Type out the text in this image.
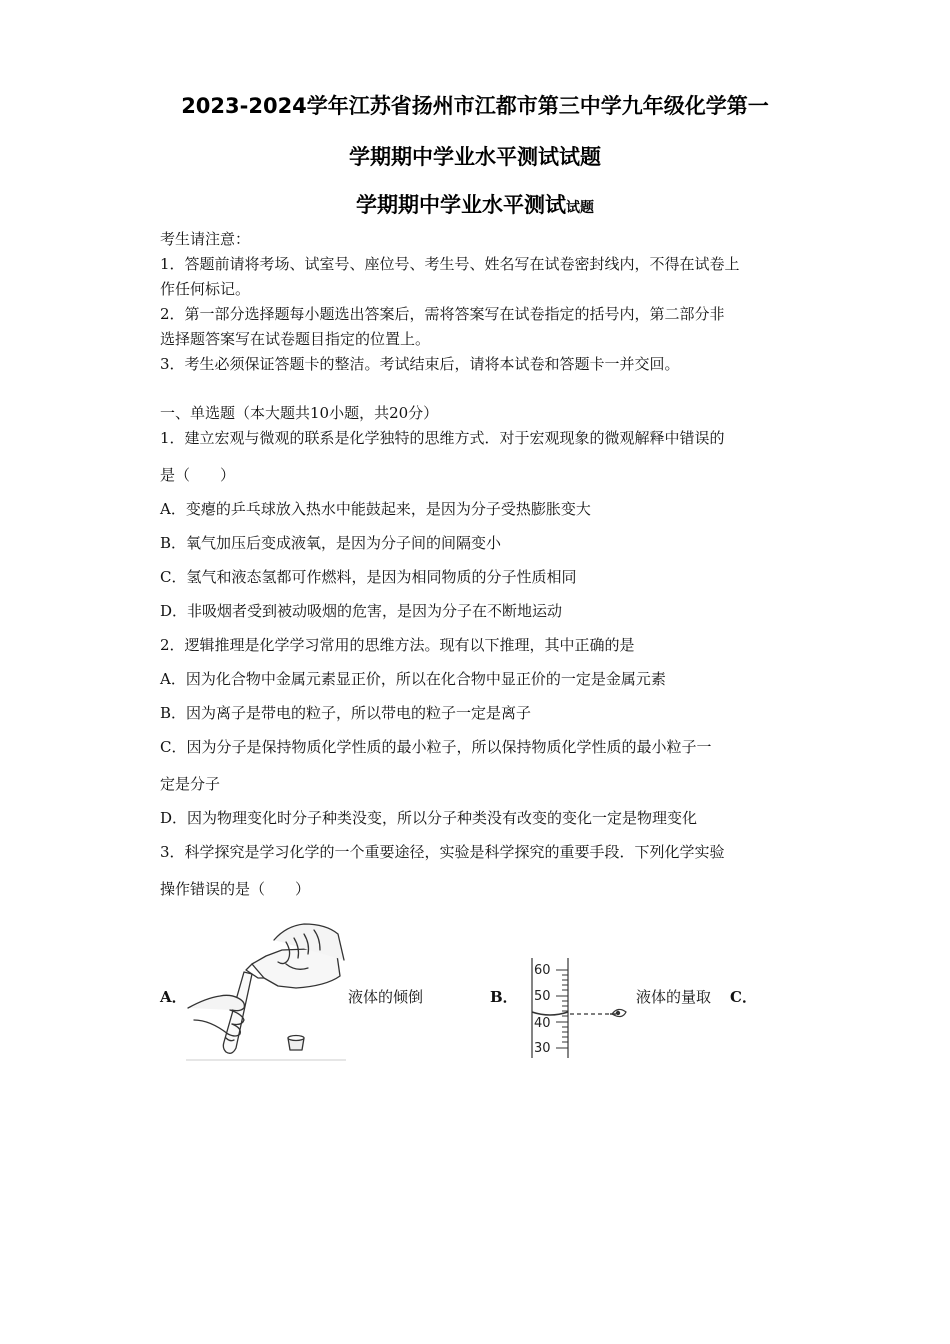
2023-2024学年江苏省扬州市江都市第三中学九年级化学第一
学期期中学业水平测试试题
学期期中学业水平测试试题
考生请注意：
1．答题前请将考场、试室号、座位号、考生号、姓名写在试卷密封线内，不得在试卷上
作任何标记。
2．第一部分选择题每小题选出答案后，需将答案写在试卷指定的括号内，第二部分非
选择题答案写在试卷题目指定的位置上。
3．考生必须保证答题卡的整洁。考试结束后，请将本试卷和答题卡一并交回。
一、单选题（本大题共10小题，共20分）
1．建立宏观与微观的联系是化学独特的思维方式．对于宏观现象的微观解释中错误的
是（　　）
A．变瘪的乒乓球放入热水中能鼓起来，是因为分子受热膨胀变大
B．氧气加压后变成液氧，是因为分子间的间隔变小
C．氢气和液态氢都可作燃料，是因为相同物质的分子性质相同
D．非吸烟者受到被动吸烟的危害，是因为分子在不断地运动
2．逻辑推理是化学学习常用的思维方法。现有以下推理，其中正确的是
A．因为化合物中金属元素显正价，所以在化合物中显正价的一定是金属元素
B．因为离子是带电的粒子，所以带电的粒子一定是离子
C．因为分子是保持物质化学性质的最小粒子，所以保持物质化学性质的最小粒子一
定是分子
D．因为物理变化时分子种类没变，所以分子种类没有改变的变化一定是物理变化
3．科学探究是学习化学的一个重要途径，实验是科学探究的重要手段．下列化学实验
操作错误的是（　　）
A．	液体的倾倒	B．
60
50
40
30
液体的量取 C．
